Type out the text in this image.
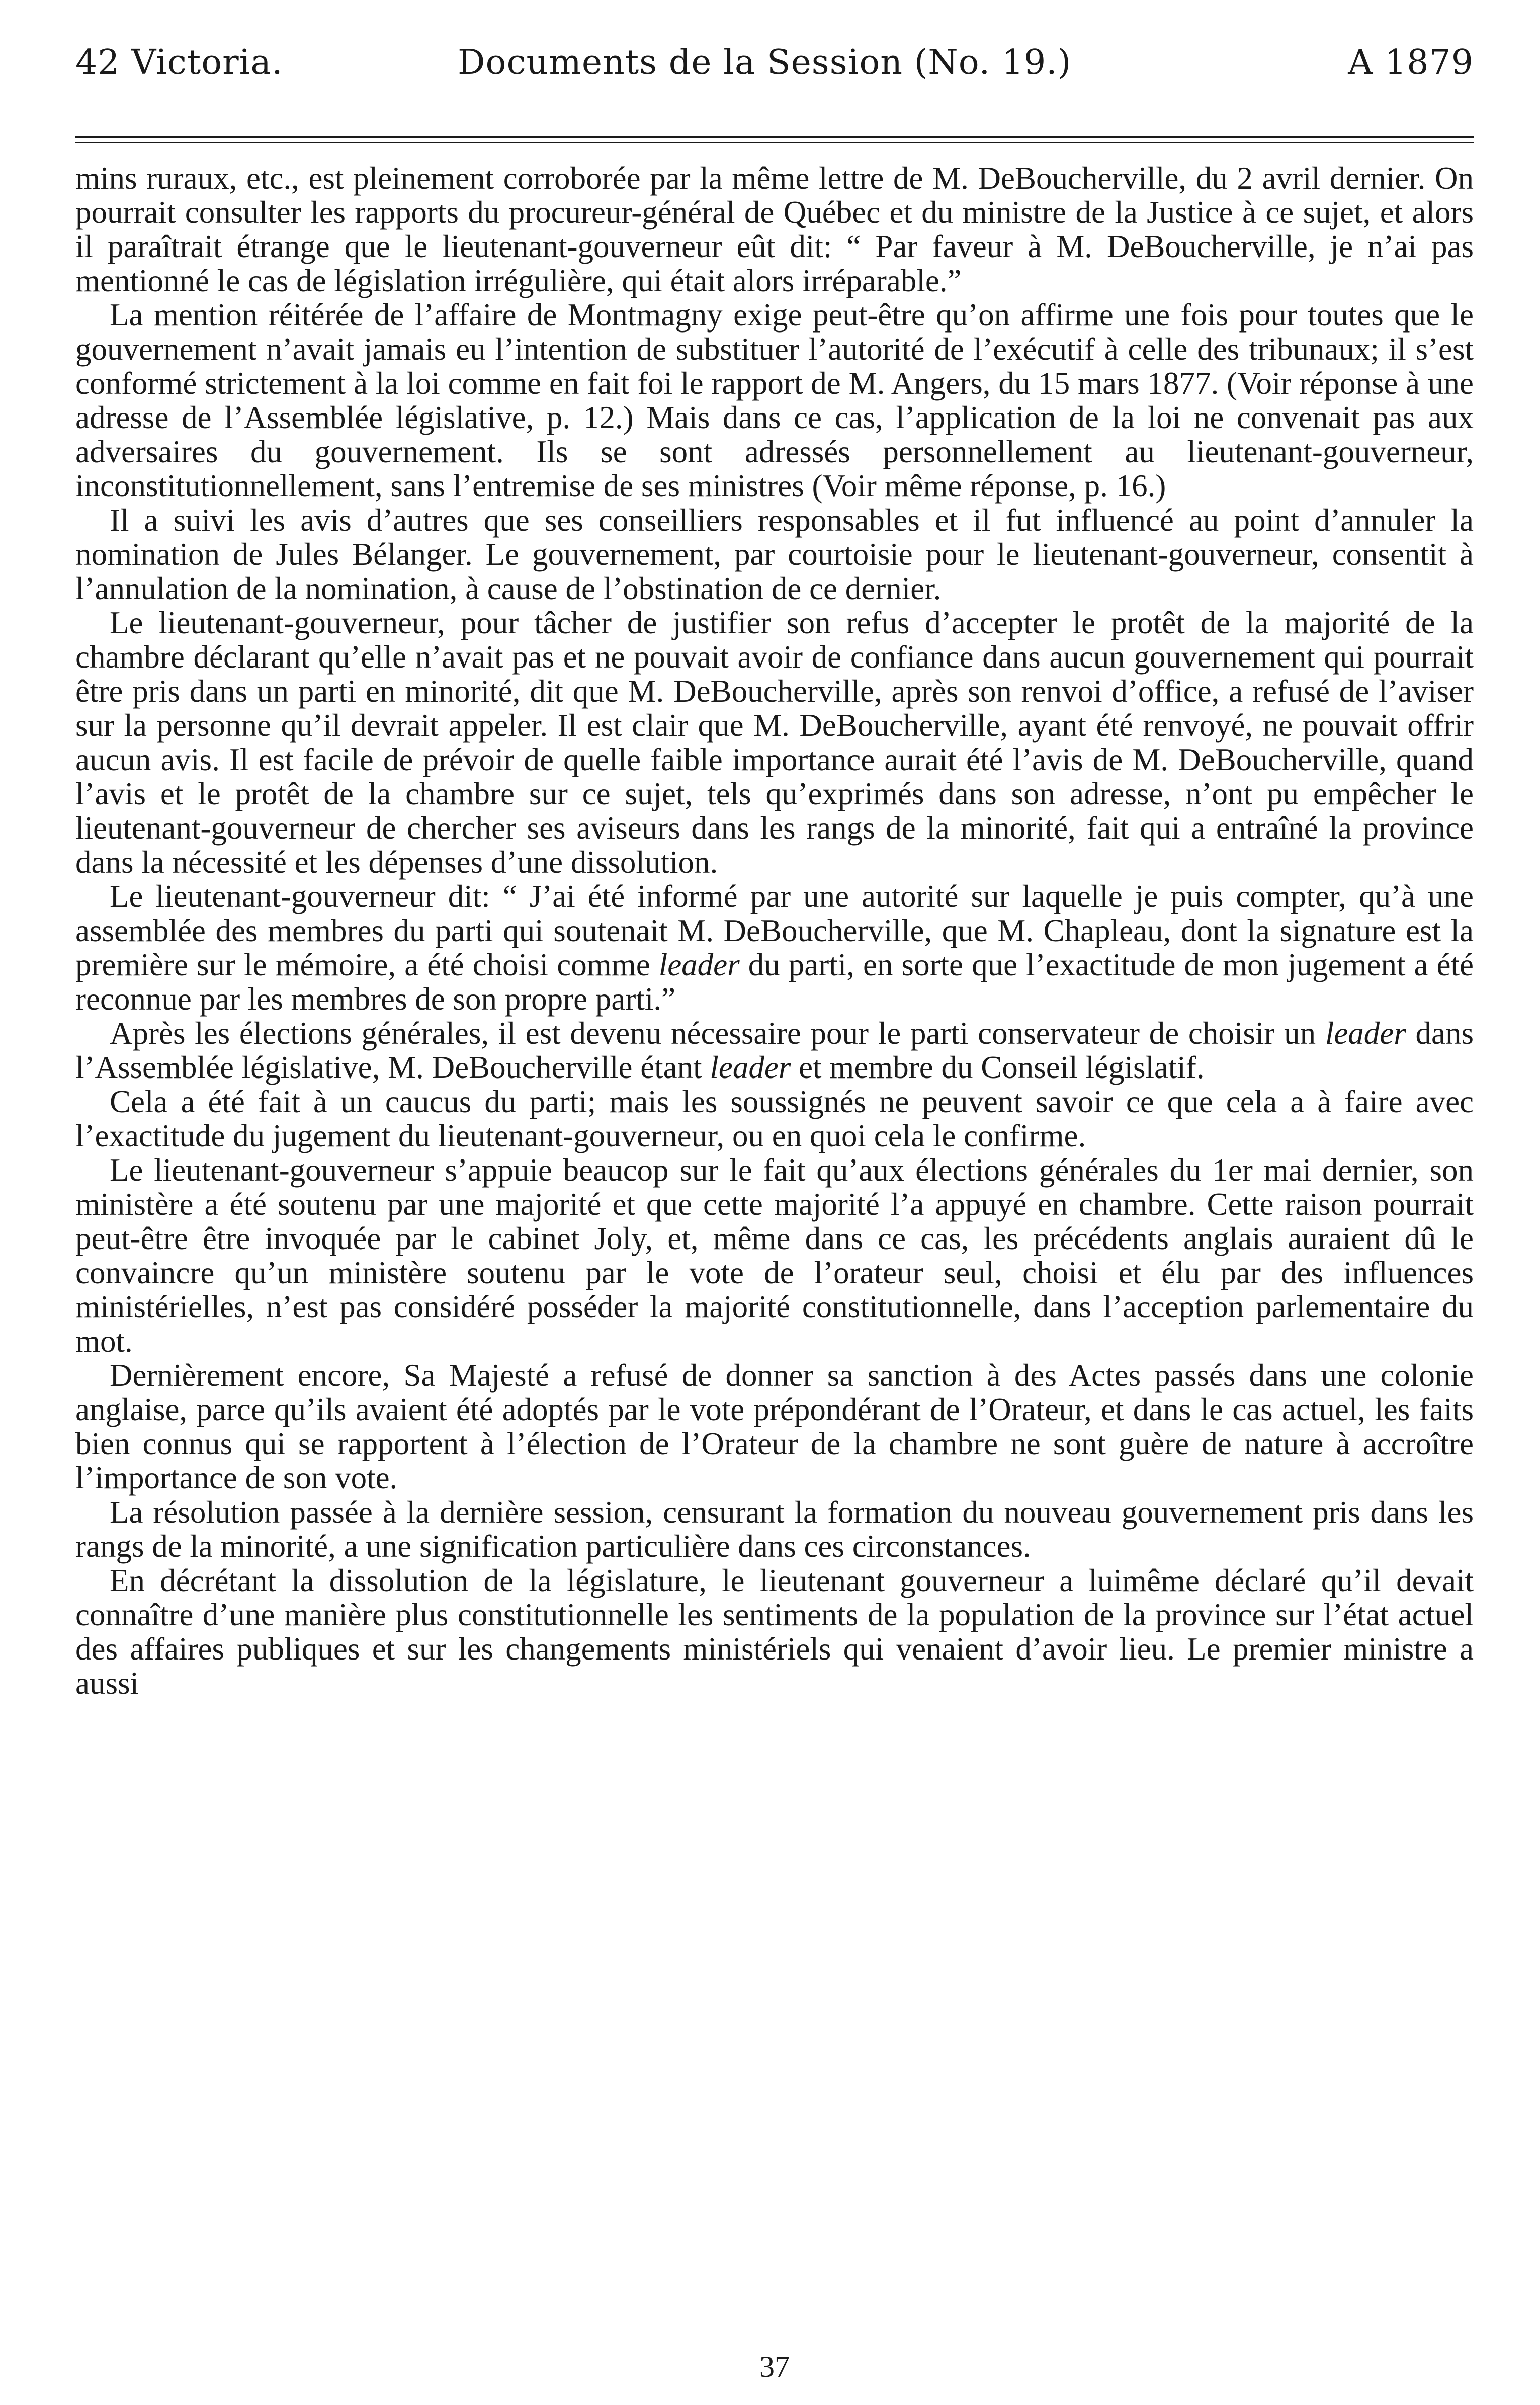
42 Victoria.	Documents de la Session (No. 19.)	A 1879

mins ruraux, etc., est pleinement corroborée par la même lettre de M. DeBoucherville, du 2 avril dernier. On pourrait consulter les rapports du procureur-général de Québec et du ministre de la Justice à ce sujet, et alors il paraîtrait étrange que le lieutenant-gouverneur eût dit: “ Par faveur à M. DeBoucherville, je n’ai pas mentionné le cas de législation irrégulière, qui était alors irréparable.”

La mention réitérée de l’affaire de Montmagny exige peut-être qu’on affirme une fois pour toutes que le gouvernement n’avait jamais eu l’intention de substituer l’autorité de l’exécutif à celle des tribunaux; il s’est conformé strictement à la loi comme en fait foi le rapport de M. Angers, du 15 mars 1877. (Voir réponse à une adresse de l’Assemblée législative, p. 12.) Mais dans ce cas, l’application de la loi ne convenait pas aux adversaires du gouvernement. Ils se sont adressés personnellement au lieutenant-gouverneur, inconstitutionnellement, sans l’entremise de ses ministres (Voir même réponse, p. 16.)

Il a suivi les avis d’autres que ses conseilliers responsables et il fut influencé au point d’annuler la nomination de Jules Bélanger. Le gouvernement, par courtoisie pour le lieutenant-gouverneur, consentit à l’annulation de la nomination, à cause de l’obstination de ce dernier.

Le lieutenant-gouverneur, pour tâcher de justifier son refus d’accepter le protêt de la majorité de la chambre déclarant qu’elle n’avait pas et ne pouvait avoir de confiance dans aucun gouvernement qui pourrait être pris dans un parti en minorité, dit que M. DeBoucherville, après son renvoi d’office, a refusé de l’aviser sur la personne qu’il devrait appeler. Il est clair que M. DeBoucherville, ayant été renvoyé, ne pouvait offrir aucun avis. Il est facile de prévoir de quelle faible importance aurait été l’avis de M. DeBoucherville, quand l’avis et le protêt de la chambre sur ce sujet, tels qu’exprimés dans son adresse, n’ont pu empêcher le lieutenant-gouverneur de chercher ses aviseurs dans les rangs de la minorité, fait qui a entraîné la province dans la nécessité et les dépenses d’une dissolution.

Le lieutenant-gouverneur dit: “ J’ai été informé par une autorité sur laquelle je puis compter, qu’à une assemblée des membres du parti qui soutenait M. DeBoucherville, que M. Chapleau, dont la signature est la première sur le mémoire, a été choisi comme leader du parti, en sorte que l’exactitude de mon jugement a été reconnue par les membres de son propre parti.”

Après les élections générales, il est devenu nécessaire pour le parti conservateur de choisir un leader dans l’Assemblée législative, M. DeBoucherville étant leader et membre du Conseil législatif.

Cela a été fait à un caucus du parti; mais les soussignés ne peuvent savoir ce que cela a à faire avec l’exactitude du jugement du lieutenant-gouverneur, ou en quoi cela le confirme.

Le lieutenant-gouverneur s’appuie beaucop sur le fait qu’aux élections générales du 1er mai dernier, son ministère a été soutenu par une majorité et que cette majorité l’a appuyé en chambre. Cette raison pourrait peut-être être invoquée par le cabinet Joly, et, même dans ce cas, les précédents anglais auraient dû le convaincre qu’un ministère soutenu par le vote de l’orateur seul, choisi et élu par des influences ministérielles, n’est pas considéré posséder la majorité constitutionnelle, dans l’acception parlementaire du mot.

Dernièrement encore, Sa Majesté a refusé de donner sa sanction à des Actes passés dans une colonie anglaise, parce qu’ils avaient été adoptés par le vote prépondérant de l’Orateur, et dans le cas actuel, les faits bien connus qui se rapportent à l’élection de l’Orateur de la chambre ne sont guère de nature à accroître l’importance de son vote.

La résolution passée à la dernière session, censurant la formation du nouveau gouvernement pris dans les rangs de la minorité, a une signification particulière dans ces circonstances.

En décrétant la dissolution de la législature, le lieutenant gouverneur a luimême déclaré qu’il devait connaître d’une manière plus constitutionnelle les sentiments de la population de la province sur l’état actuel des affaires publiques et sur les changements ministériels qui venaient d’avoir lieu. Le premier ministre a aussi

37
